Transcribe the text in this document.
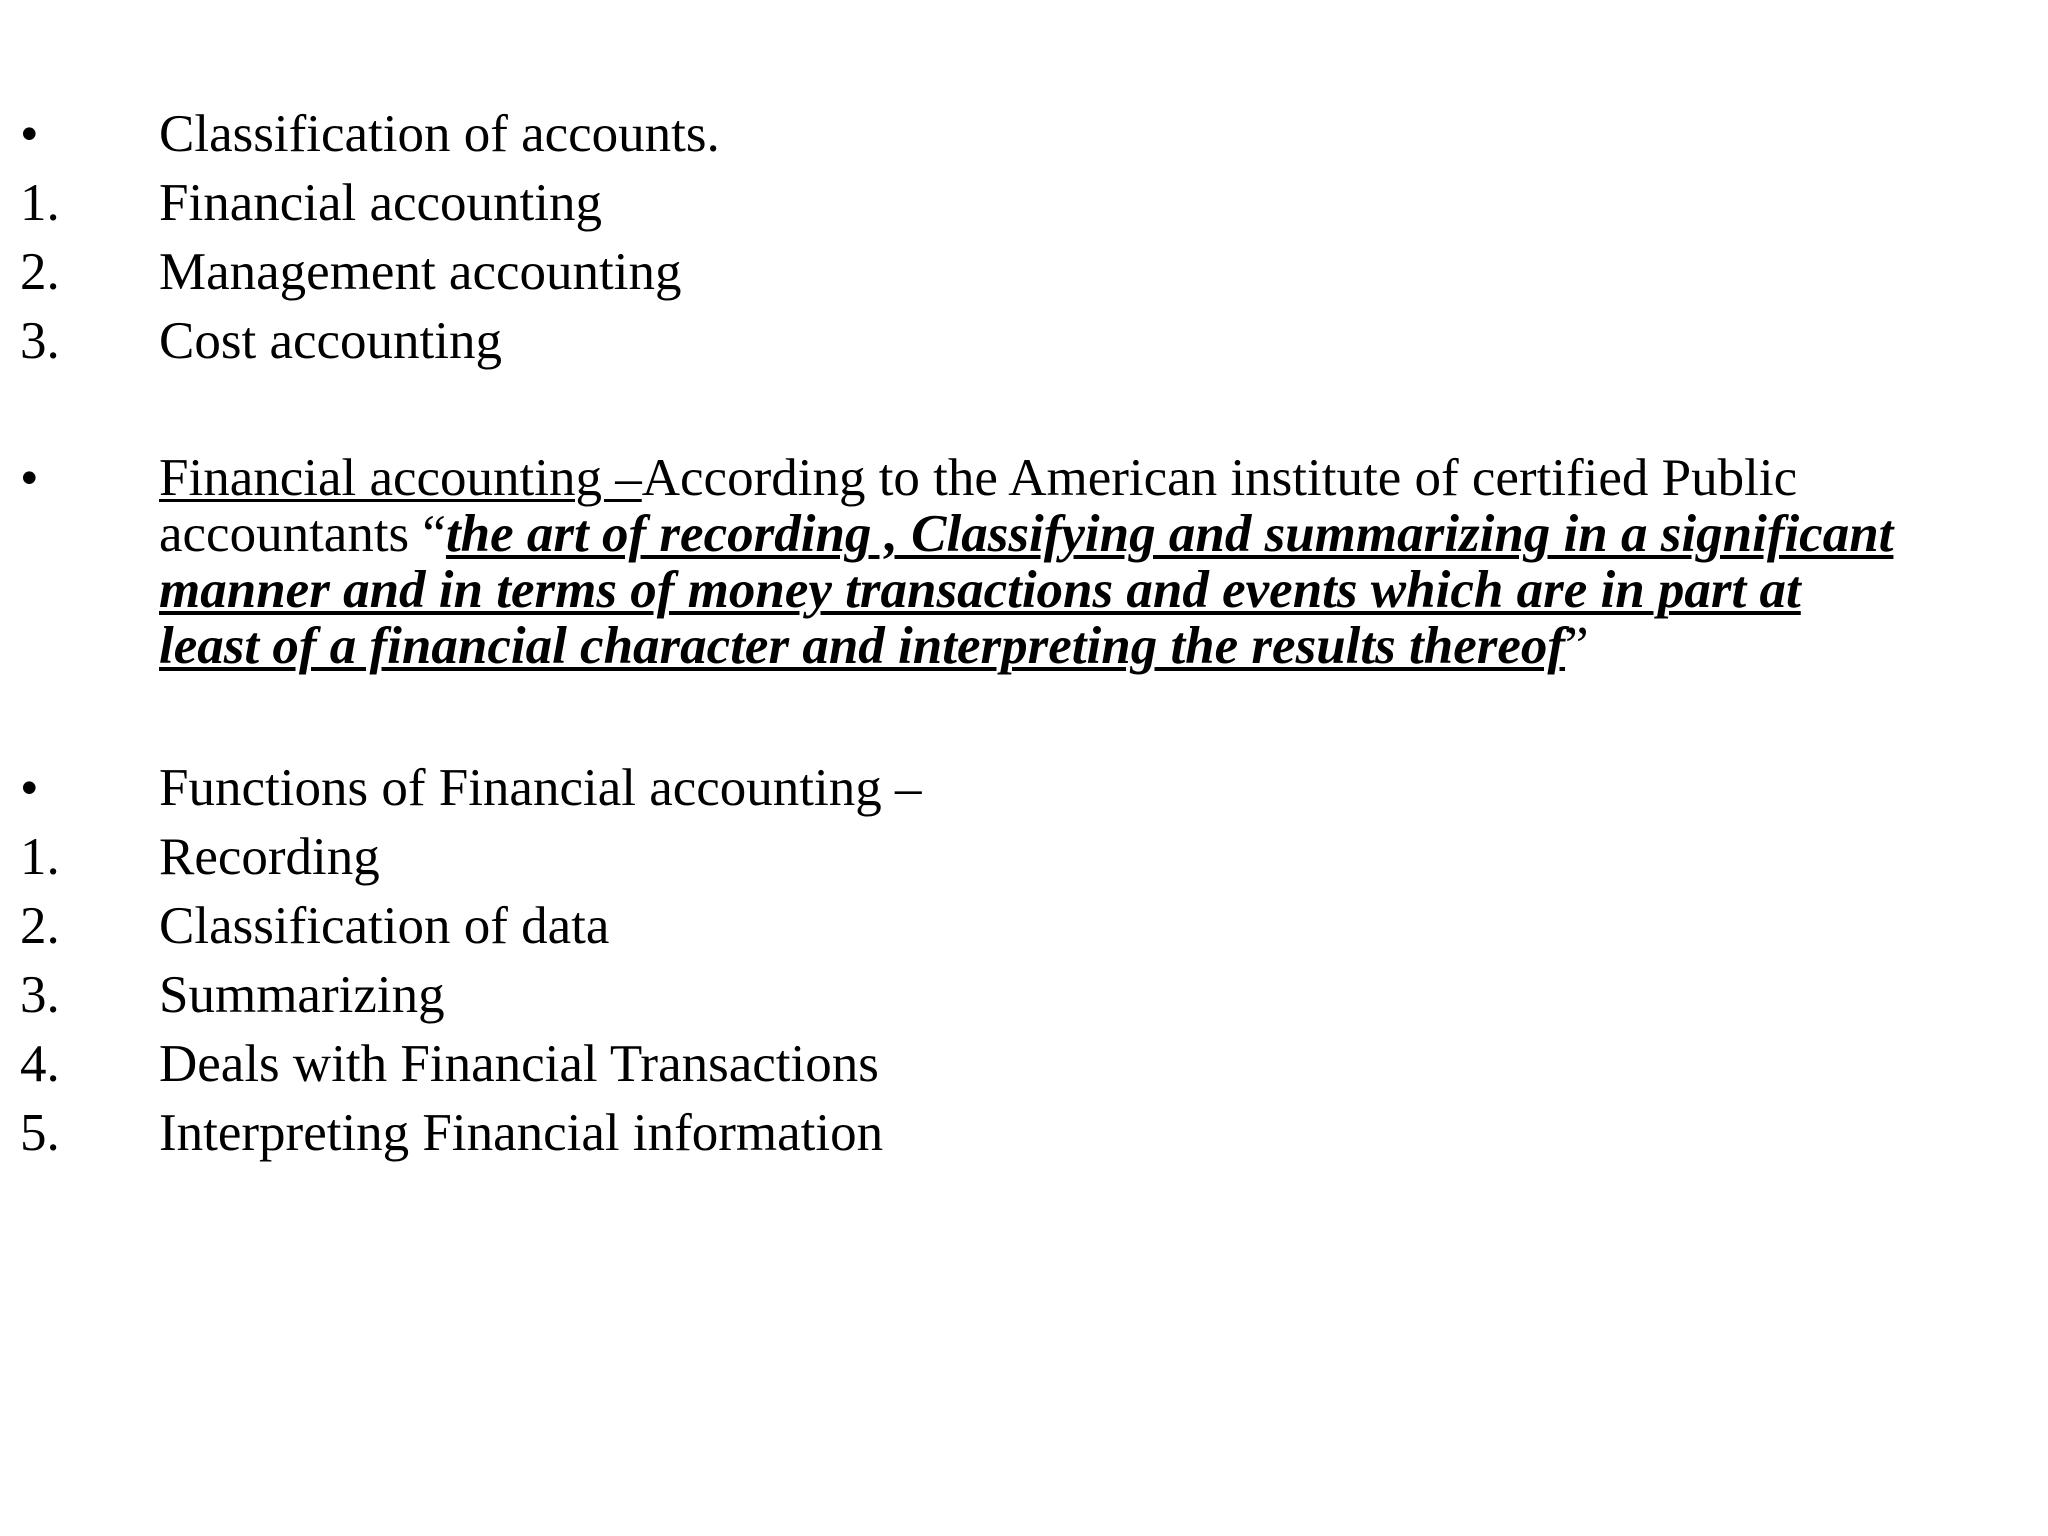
• Classification of accounts.
1. Financial accounting
2. Management accounting
3. Cost accounting
• Financial accounting –According to the American institute of certified Public
accountants “the art of recording , Classifying and summarizing in a significant
manner and in terms of money transactions and events which are in part at
least of a financial character and interpreting the results thereof”
• Functions of Financial accounting –
1. Recording
2. Classification of data
3. Summarizing
4. Deals with Financial Transactions
5. Interpreting Financial information
